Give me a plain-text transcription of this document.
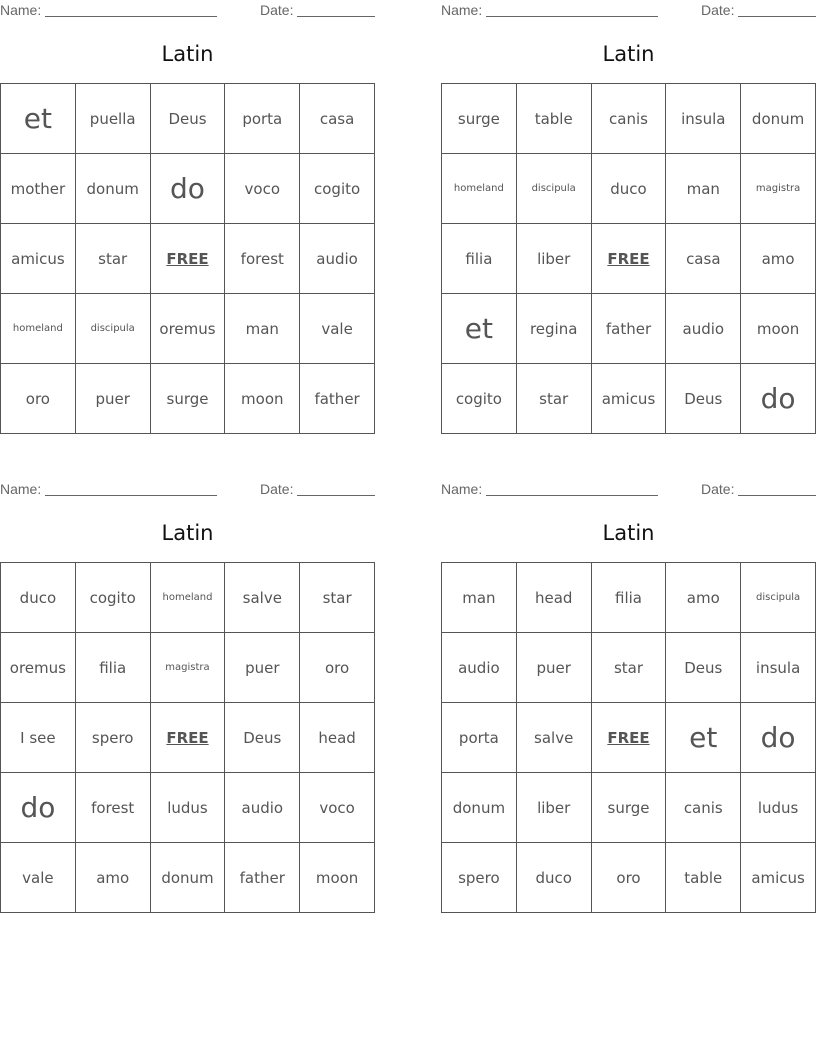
Name:	Date:
Latin
et	puella	Deus	porta	casa
mother	donum	do	voco	cogito
amicus	star	FREE	forest	audio
homeland	discipula	oremus	man	vale
oro	puer	surge	moon	father
Name:	Date:
Latin
surge	table	canis	insula	donum
homeland	discipula	duco	man	magistra
filia	liber	FREE	casa	amo
et	regina	father	audio	moon
cogito	star	amicus	Deus	do
Name:	Date:
Latin
duco	cogito	homeland	salve	star
oremus	filia	magistra	puer	oro
I see	spero	FREE	Deus	head
do	forest	ludus	audio	voco
vale	amo	donum	father	moon
Name:	Date:
Latin
man	head	filia	amo	discipula
audio	puer	star	Deus	insula
porta	salve	FREE	et	do
donum	liber	surge	canis	ludus
spero	duco	oro	table	amicus
